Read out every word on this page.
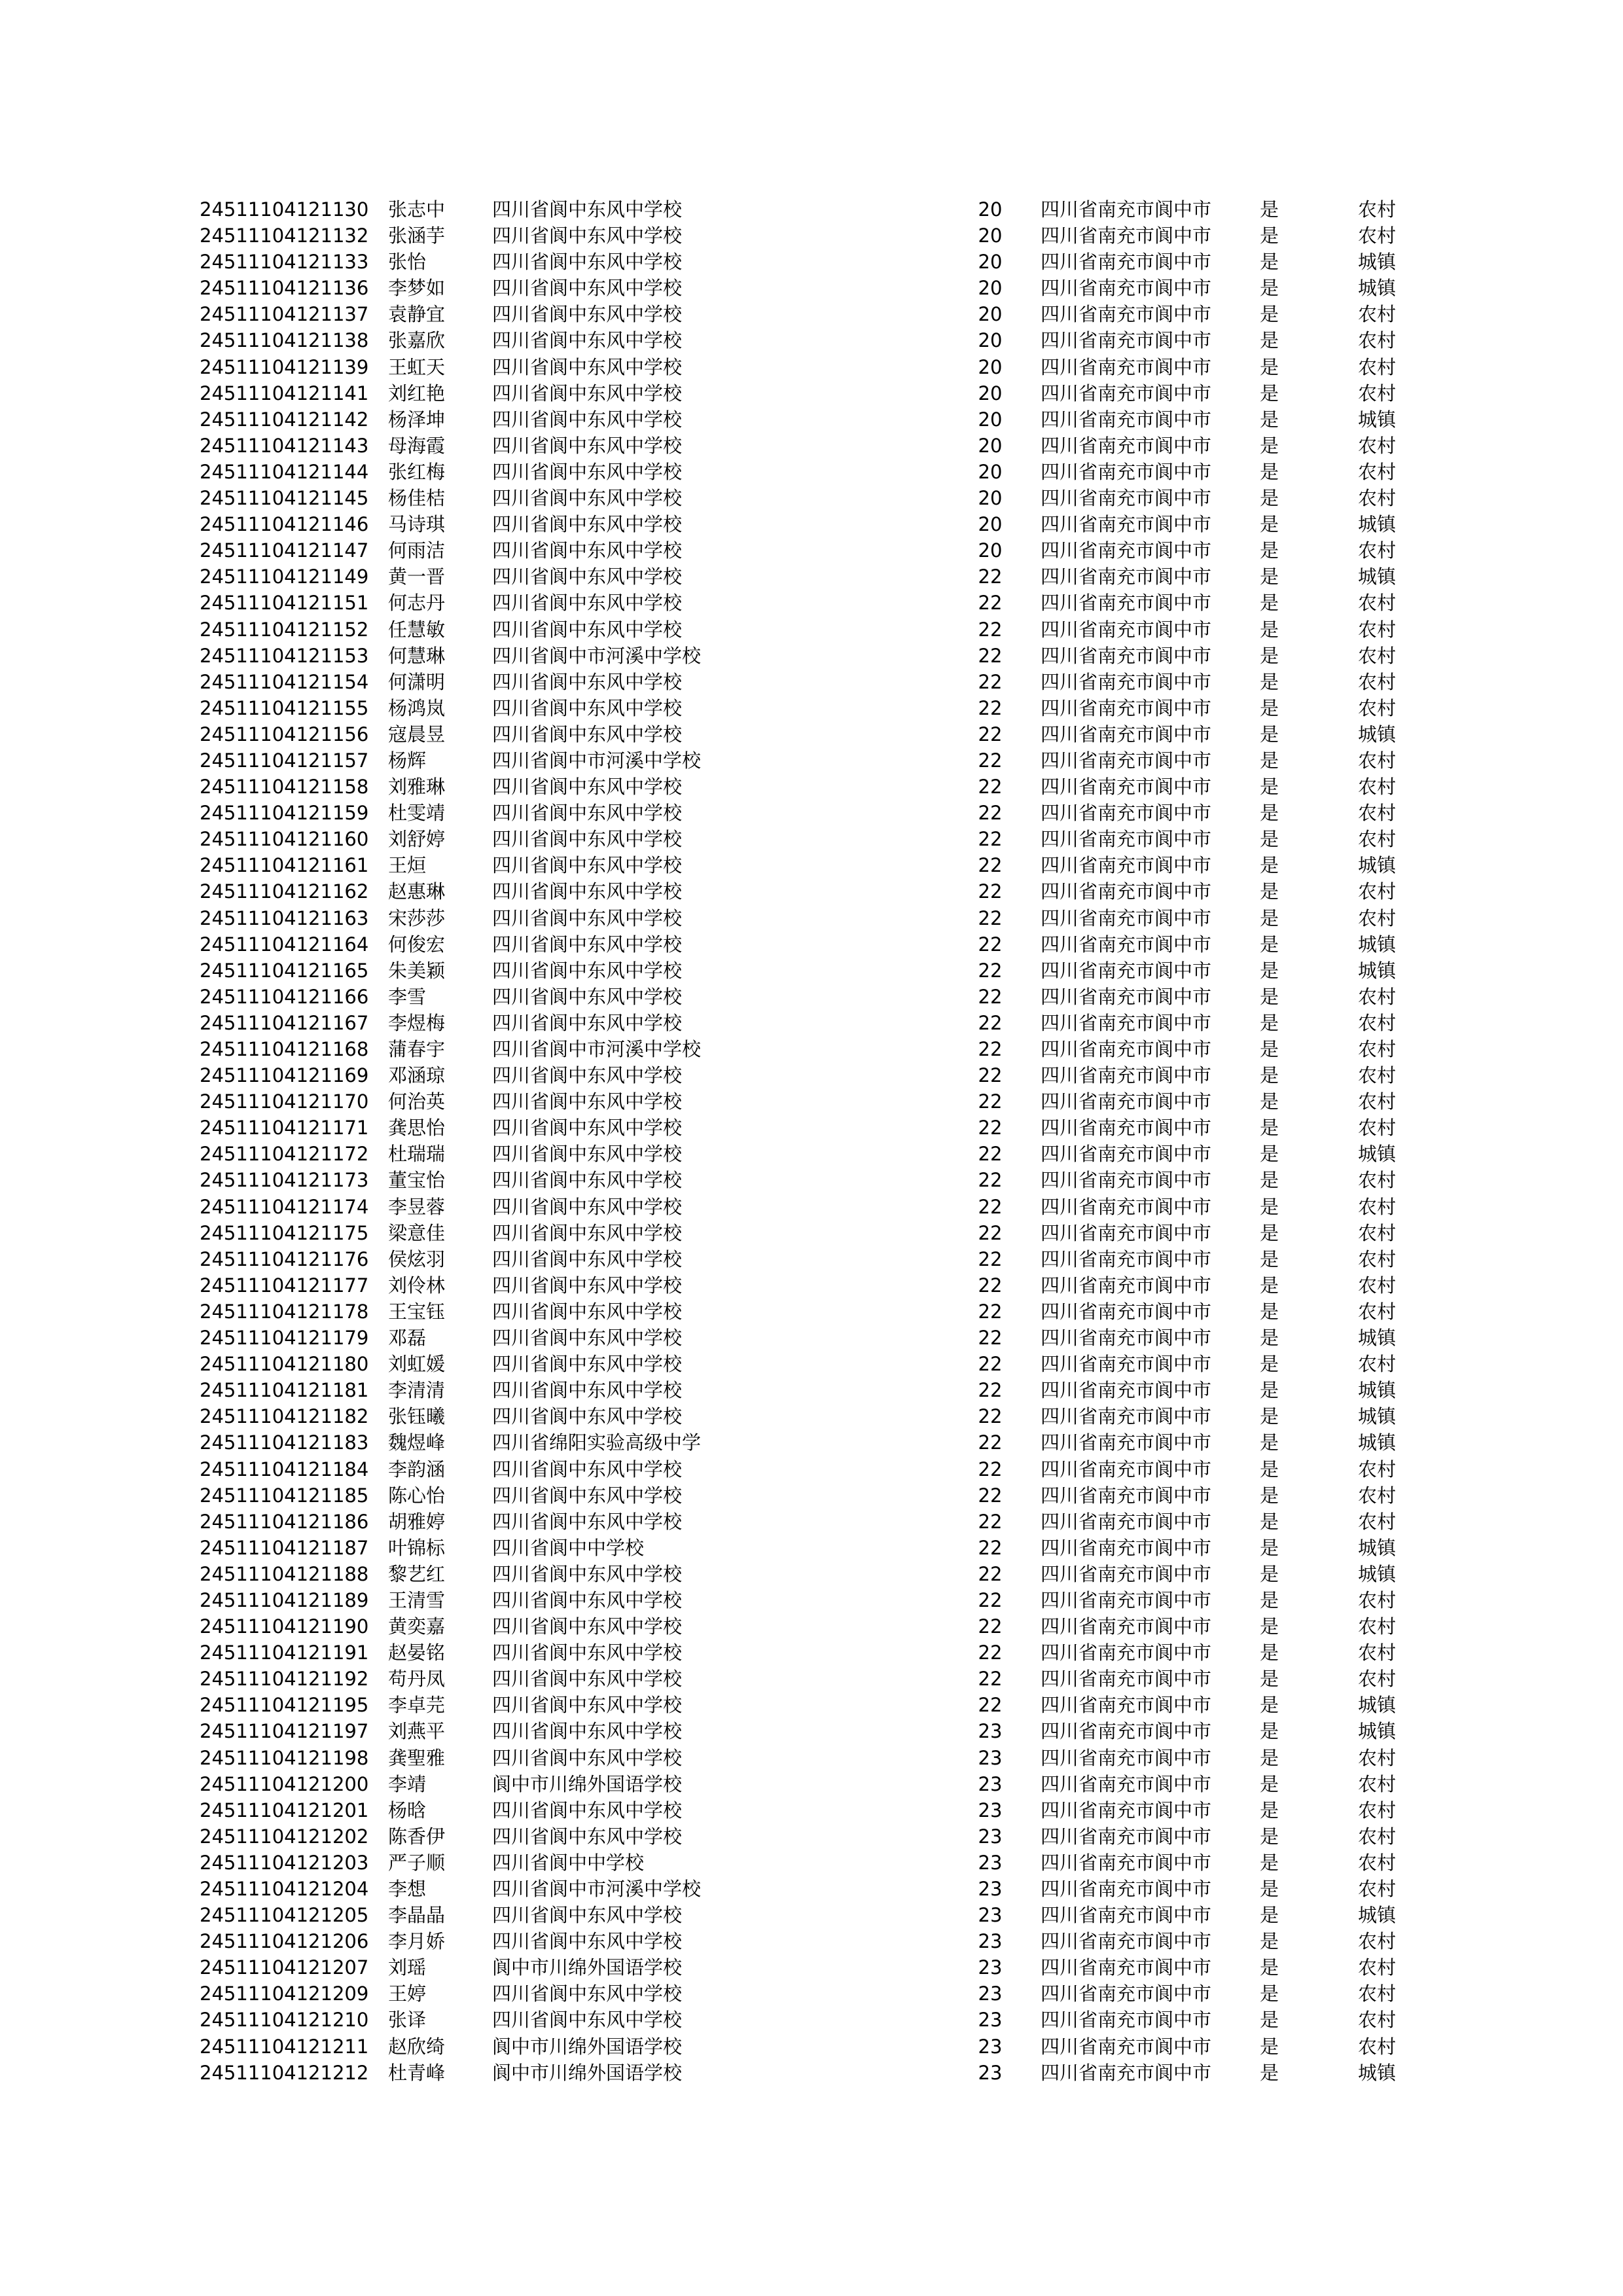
24511104121130 张志中 四川省阆中东风中学校	20 四川省南充市阆中市	是	农村
24511104121132 张涵芋 四川省阆中东风中学校	20 四川省南充市阆中市	是	农村
24511104121133 张怡	四川省阆中东风中学校	20 四川省南充市阆中市	是	城镇
24511104121136 李梦如 四川省阆中东风中学校	20 四川省南充市阆中市	是	城镇
24511104121137 袁静宜 四川省阆中东风中学校	20 四川省南充市阆中市	是	农村
24511104121138 张嘉欣 四川省阆中东风中学校	20 四川省南充市阆中市	是	农村
24511104121139 王虹天 四川省阆中东风中学校	20 四川省南充市阆中市	是	农村
24511104121141 刘红艳 四川省阆中东风中学校	20 四川省南充市阆中市	是	农村
24511104121142 杨泽坤 四川省阆中东风中学校	20 四川省南充市阆中市	是	城镇
24511104121143 母海霞 四川省阆中东风中学校	20 四川省南充市阆中市	是	农村
24511104121144 张红梅 四川省阆中东风中学校	20 四川省南充市阆中市	是	农村
24511104121145 杨佳桔 四川省阆中东风中学校	20 四川省南充市阆中市	是	农村
24511104121146 马诗琪 四川省阆中东风中学校	20 四川省南充市阆中市	是	城镇
24511104121147 何雨洁 四川省阆中东风中学校	20 四川省南充市阆中市	是	农村
24511104121149 黄一晋 四川省阆中东风中学校	22 四川省南充市阆中市	是	城镇
24511104121151 何志丹 四川省阆中东风中学校	22 四川省南充市阆中市	是	农村
24511104121152 任慧敏 四川省阆中东风中学校	22 四川省南充市阆中市	是	农村
24511104121153 何慧琳 四川省阆中市河溪中学校	22 四川省南充市阆中市	是	农村
24511104121154 何潇明 四川省阆中东风中学校	22 四川省南充市阆中市	是	农村
24511104121155 杨鸿岚 四川省阆中东风中学校	22 四川省南充市阆中市	是	农村
24511104121156 寇晨昱 四川省阆中东风中学校	22 四川省南充市阆中市	是	城镇
24511104121157 杨辉	四川省阆中市河溪中学校	22 四川省南充市阆中市	是	农村
24511104121158 刘雅琳 四川省阆中东风中学校	22 四川省南充市阆中市	是	农村
24511104121159 杜雯靖 四川省阆中东风中学校	22 四川省南充市阆中市	是	农村
24511104121160 刘舒婷 四川省阆中东风中学校	22 四川省南充市阆中市	是	农村
24511104121161 王烜	四川省阆中东风中学校	22 四川省南充市阆中市	是	城镇
24511104121162 赵惠琳 四川省阆中东风中学校	22 四川省南充市阆中市	是	农村
24511104121163 宋莎莎 四川省阆中东风中学校	22 四川省南充市阆中市	是	农村
24511104121164 何俊宏 四川省阆中东风中学校	22 四川省南充市阆中市	是	城镇
24511104121165 朱美颖 四川省阆中东风中学校	22 四川省南充市阆中市	是	城镇
24511104121166 李雪	四川省阆中东风中学校	22 四川省南充市阆中市	是	农村
24511104121167 李煜梅 四川省阆中东风中学校	22 四川省南充市阆中市	是	农村
24511104121168 蒲春宇 四川省阆中市河溪中学校	22 四川省南充市阆中市	是	农村
24511104121169 邓涵琼 四川省阆中东风中学校	22 四川省南充市阆中市	是	农村
24511104121170 何治英 四川省阆中东风中学校	22 四川省南充市阆中市	是	农村
24511104121171 龚思怡 四川省阆中东风中学校	22 四川省南充市阆中市	是	农村
24511104121172 杜瑞瑞 四川省阆中东风中学校	22 四川省南充市阆中市	是	城镇
24511104121173 董宝怡 四川省阆中东风中学校	22 四川省南充市阆中市	是	农村
24511104121174 李昱蓉 四川省阆中东风中学校	22 四川省南充市阆中市	是	农村
24511104121175 梁意佳 四川省阆中东风中学校	22 四川省南充市阆中市	是	农村
24511104121176 侯炫羽 四川省阆中东风中学校	22 四川省南充市阆中市	是	农村
24511104121177 刘伶林 四川省阆中东风中学校	22 四川省南充市阆中市	是	农村
24511104121178 王宝钰 四川省阆中东风中学校	22 四川省南充市阆中市	是	农村
24511104121179 邓磊	四川省阆中东风中学校	22 四川省南充市阆中市	是	城镇
24511104121180 刘虹媛 四川省阆中东风中学校	22 四川省南充市阆中市	是	农村
24511104121181 李清清 四川省阆中东风中学校	22 四川省南充市阆中市	是	城镇
24511104121182 张钰曦 四川省阆中东风中学校	22 四川省南充市阆中市	是	城镇
24511104121183 魏煜峰 四川省绵阳实验高级中学	22 四川省南充市阆中市	是	城镇
24511104121184 李韵涵 四川省阆中东风中学校	22 四川省南充市阆中市	是	农村
24511104121185 陈心怡 四川省阆中东风中学校	22 四川省南充市阆中市	是	农村
24511104121186 胡雅婷 四川省阆中东风中学校	22 四川省南充市阆中市	是	农村
24511104121187 叶锦标 四川省阆中中学校	22 四川省南充市阆中市	是	城镇
24511104121188 黎艺红 四川省阆中东风中学校	22 四川省南充市阆中市	是	城镇
24511104121189 王清雪 四川省阆中东风中学校	22 四川省南充市阆中市	是	农村
24511104121190 黄奕嘉 四川省阆中东风中学校	22 四川省南充市阆中市	是	农村
24511104121191 赵晏铭 四川省阆中东风中学校	22 四川省南充市阆中市	是	农村
24511104121192 苟丹凤 四川省阆中东风中学校	22 四川省南充市阆中市	是	农村
24511104121195 李卓芫 四川省阆中东风中学校	22 四川省南充市阆中市	是	城镇
24511104121197 刘燕平 四川省阆中东风中学校	23 四川省南充市阆中市	是	城镇
24511104121198 龚聖雅 四川省阆中东风中学校	23 四川省南充市阆中市	是	农村
24511104121200 李靖	阆中市川绵外国语学校	23 四川省南充市阆中市	是	农村
24511104121201 杨晗	四川省阆中东风中学校	23 四川省南充市阆中市	是	农村
24511104121202 陈香伊 四川省阆中东风中学校	23 四川省南充市阆中市	是	农村
24511104121203 严子顺 四川省阆中中学校	23 四川省南充市阆中市	是	农村
24511104121204 李想	四川省阆中市河溪中学校	23 四川省南充市阆中市	是	农村
24511104121205 李晶晶 四川省阆中东风中学校	23 四川省南充市阆中市	是	城镇
24511104121206 李月娇 四川省阆中东风中学校	23 四川省南充市阆中市	是	农村
24511104121207 刘瑶	阆中市川绵外国语学校	23 四川省南充市阆中市	是	农村
24511104121209 王婷	四川省阆中东风中学校	23 四川省南充市阆中市	是	农村
24511104121210 张译	四川省阆中东风中学校	23 四川省南充市阆中市	是	农村
24511104121211 赵欣绮 阆中市川绵外国语学校	23 四川省南充市阆中市	是	农村
24511104121212 杜青峰 阆中市川绵外国语学校	23 四川省南充市阆中市	是	城镇
